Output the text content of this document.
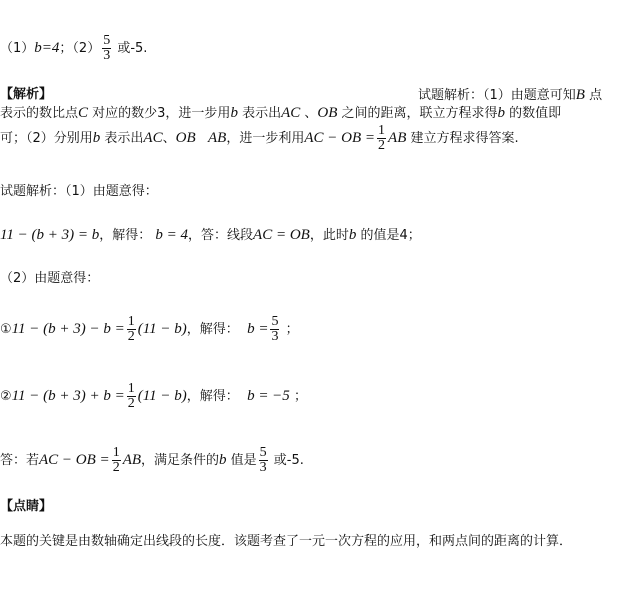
（1）b=4；$(2) \frac{5}{3}$ 或-5.
【解析】	试题解析：（1）由题意可知B 点
表示的数比点C 对应的数少3，进一步用b 表示出AC 、OB 之间的距离，联立方程求得b 的数值即
可；（2）分别用b 表示出AC、OB AB，进一步利用AC − OB = $\frac{1}{2}$ AB 建立方程求得答案.
试题解析：（1）由题意得：
11 − (b + 3) = b，解得： b = 4，答：线段AC = OB，此时b 的值是4；
（2）由题意得：
①11 − $(b + 3) - b = \frac{1}{2} (11 - b)$，解得： $b = \frac{5}{3}$ ；
②11 − $(b + 3) + b = \frac{1}{2} (11 - b)$，解得： b = −5 ；
答：若AC − OB = $\frac{1}{2}$ AB，满足条件的b 值是 $\frac{5}{3}$ 或-5.
【点睛】
本题的关键是由数轴确定出线段的长度．该题考查了一元一次方程的应用，和两点间的距离的计算．
